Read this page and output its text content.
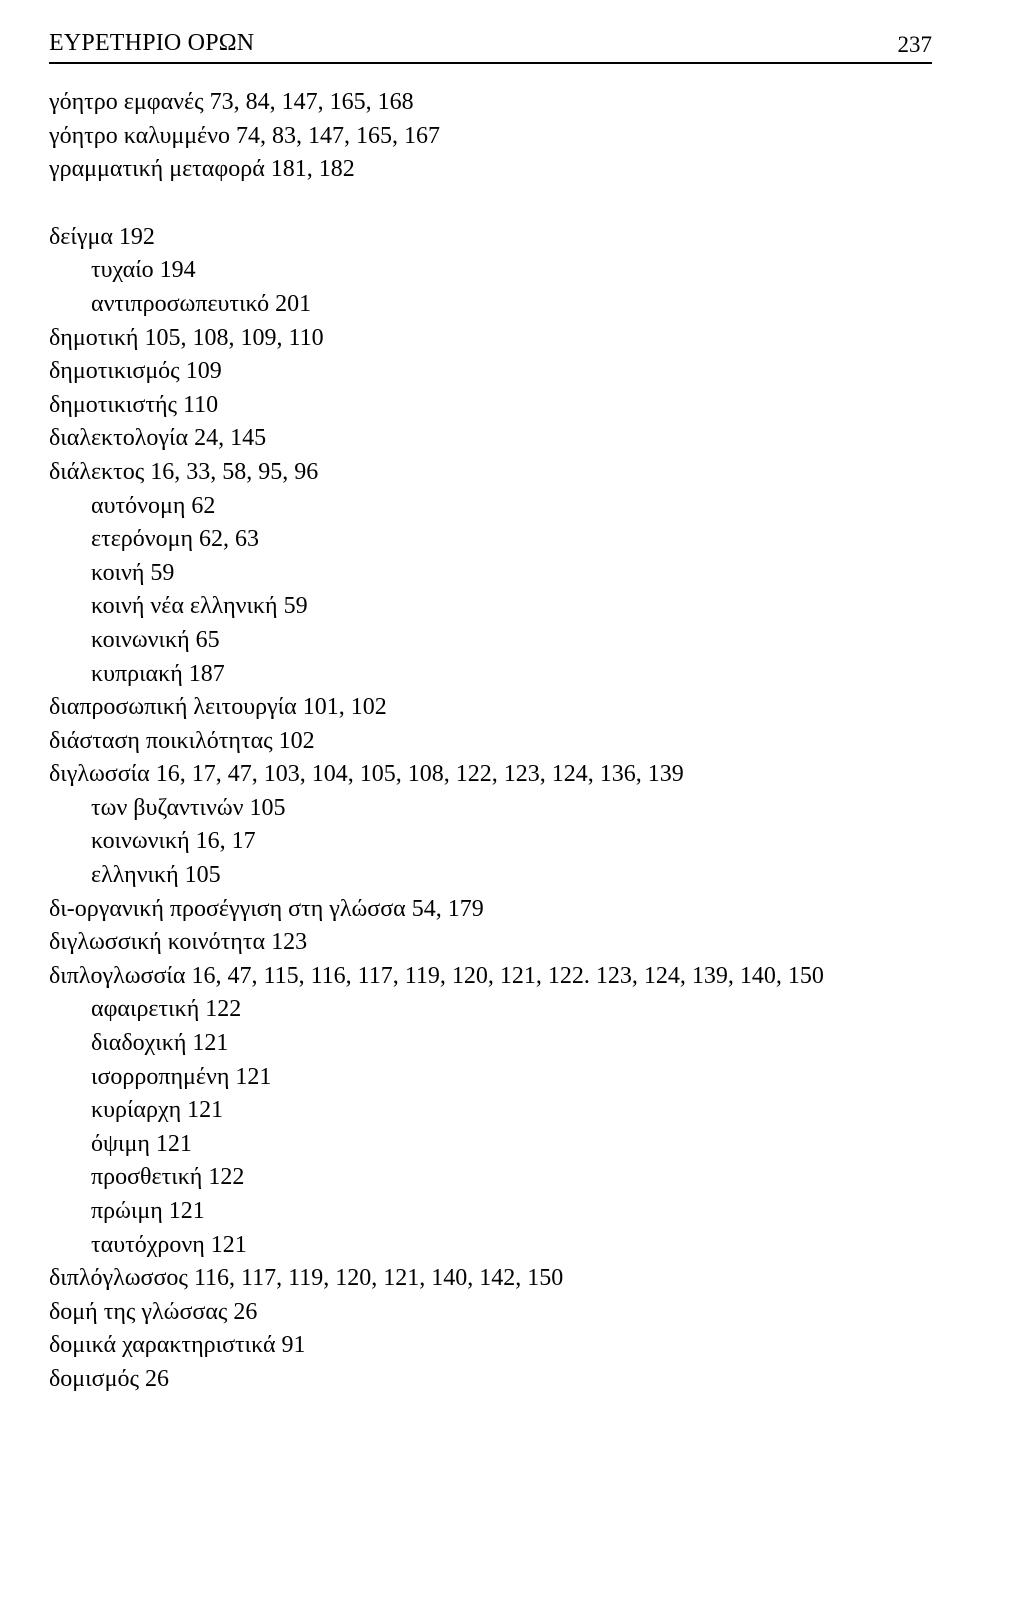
ΕΥΡΕΤΗΡΙΟ ΟΡΩΝ	237
γόητρο εμφανές 73, 84, 147, 165, 168
γόητρο καλυμμένο 74, 83, 147, 165, 167
γραμματική μεταφορά 181, 182
δείγμα 192
τυχαίο 194
αντιπροσωπευτικό 201
δημοτική 105, 108, 109, 110
δημοτικισμός 109
δημοτικιστής 110
διαλεκτολογία 24, 145
διάλεκτος 16, 33, 58, 95, 96
αυτόνομη 62
ετερόνομη 62, 63
κοινή 59
κοινή νέα ελληνική 59
κοινωνική 65
κυπριακή 187
διαπροσωπική λειτουργία 101, 102
διάσταση ποικιλότητας 102
διγλωσσία 16, 17, 47, 103, 104, 105, 108, 122, 123, 124, 136, 139
των βυζαντινών 105
κοινωνική 16, 17
ελληνική 105
δι-οργανική προσέγγιση στη γλώσσα 54, 179
διγλωσσική κοινότητα 123
διπλογλωσσία 16, 47, 115, 116, 117, 119, 120, 121, 122. 123, 124, 139, 140, 150
αφαιρετική 122
διαδοχική 121
ισορροπημένη 121
κυρίαρχη 121
όψιμη 121
προσθετική 122
πρώιμη 121
ταυτόχρονη 121
διπλόγλωσσος 116, 117, 119, 120, 121, 140, 142, 150
δομή της γλώσσας 26
δομικά χαρακτηριστικά 91
δομισμός 26
